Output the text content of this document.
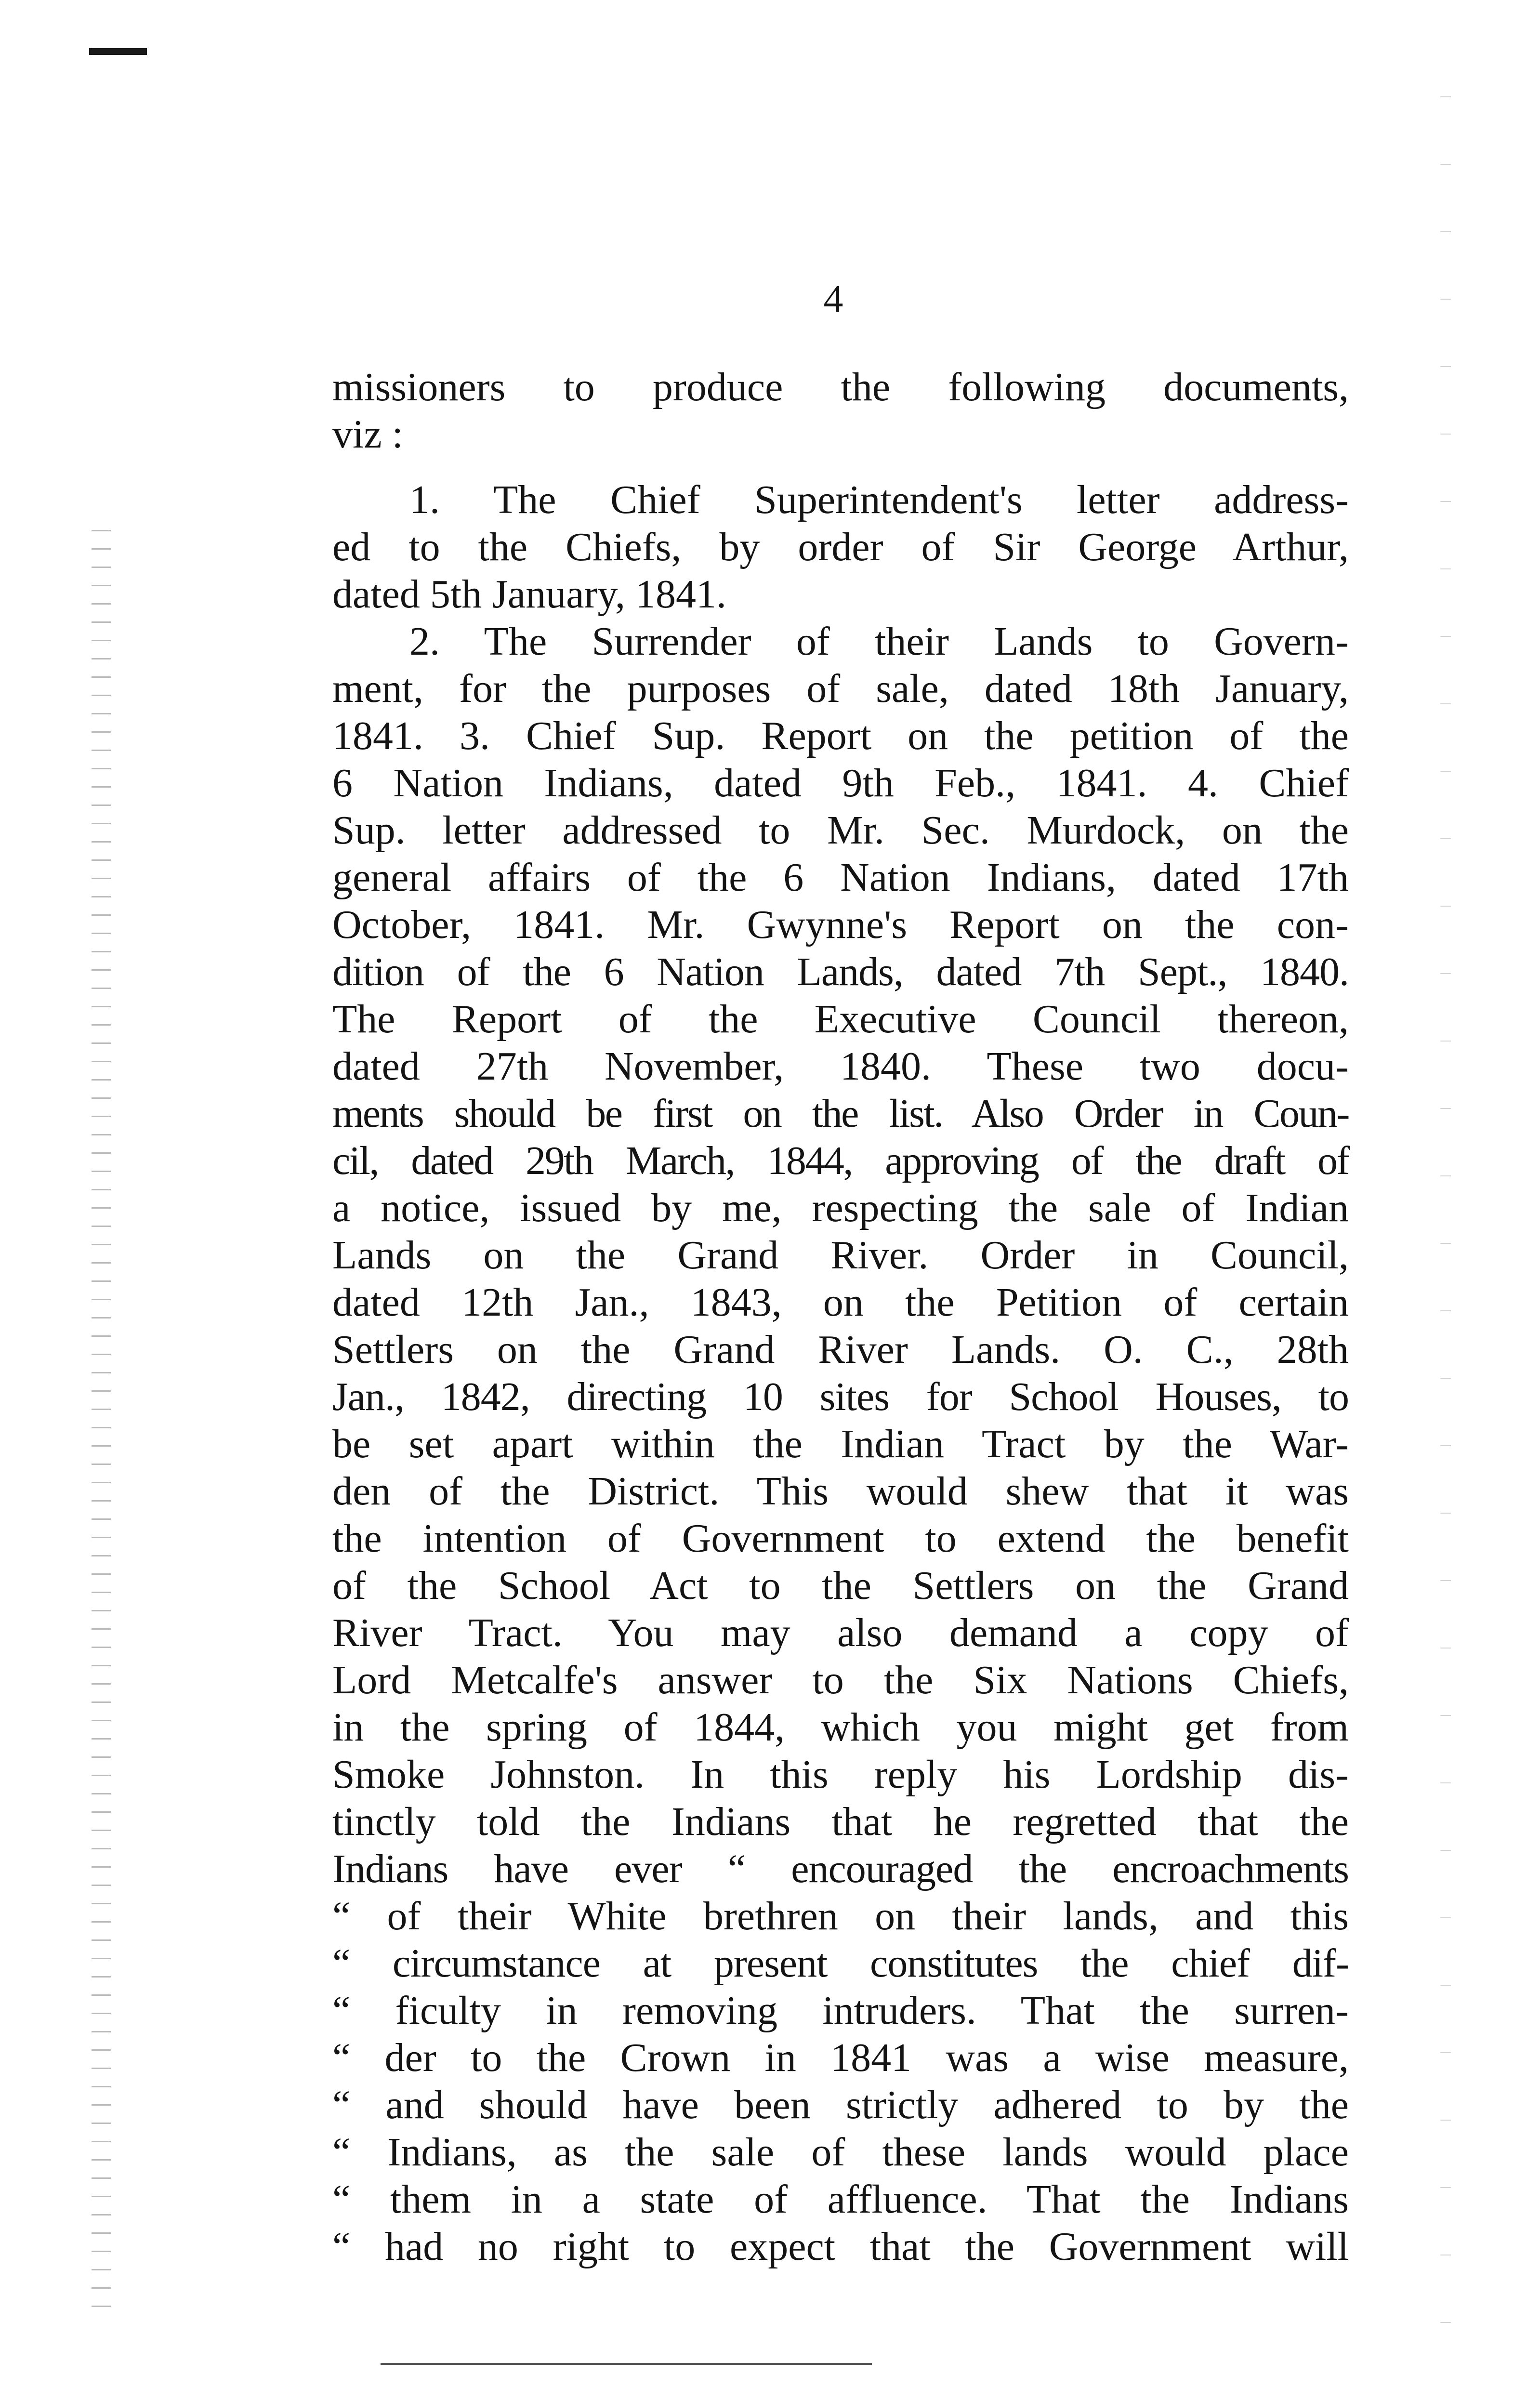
4
missioners to produce the following documents,
viz :
1. The Chief Superintendent's letter address-
ed to the Chiefs, by order of Sir George Arthur,
dated 5th January, 1841.
2. The Surrender of their Lands to Govern-
ment, for the purposes of sale, dated 18th January,
1841. 3. Chief Sup. Report on the petition of the
6 Nation Indians, dated 9th Feb., 1841. 4. Chief
Sup. letter addressed to Mr. Sec. Murdock, on the
general affairs of the 6 Nation Indians, dated 17th
October, 1841. Mr. Gwynne's Report on the con-
dition of the 6 Nation Lands, dated 7th Sept., 1840.
The Report of the Executive Council thereon,
dated 27th November, 1840. These two docu-
ments should be first on the list. Also Order in Coun-
cil, dated 29th March, 1844, approving of the draft of
a notice, issued by me, respecting the sale of Indian
Lands on the Grand River. Order in Council,
dated 12th Jan., 1843, on the Petition of certain
Settlers on the Grand River Lands. O. C., 28th
Jan., 1842, directing 10 sites for School Houses, to
be set apart within the Indian Tract by the War-
den of the District. This would shew that it was
the intention of Government to extend the benefit
of the School Act to the Settlers on the Grand
River Tract. You may also demand a copy of
Lord Metcalfe's answer to the Six Nations Chiefs,
in the spring of 1844, which you might get from
Smoke Johnston. In this reply his Lordship dis-
tinctly told the Indians that he regretted that the
Indians have ever “ encouraged the encroachments
“ of their White brethren on their lands, and this
“ circumstance at present constitutes the chief dif-
“ ficulty in removing intruders. That the surren-
“ der to the Crown in 1841 was a wise measure,
“ and should have been strictly adhered to by the
“ Indians, as the sale of these lands would place
“ them in a state of affluence. That the Indians
“ had no right to expect that the Government will
